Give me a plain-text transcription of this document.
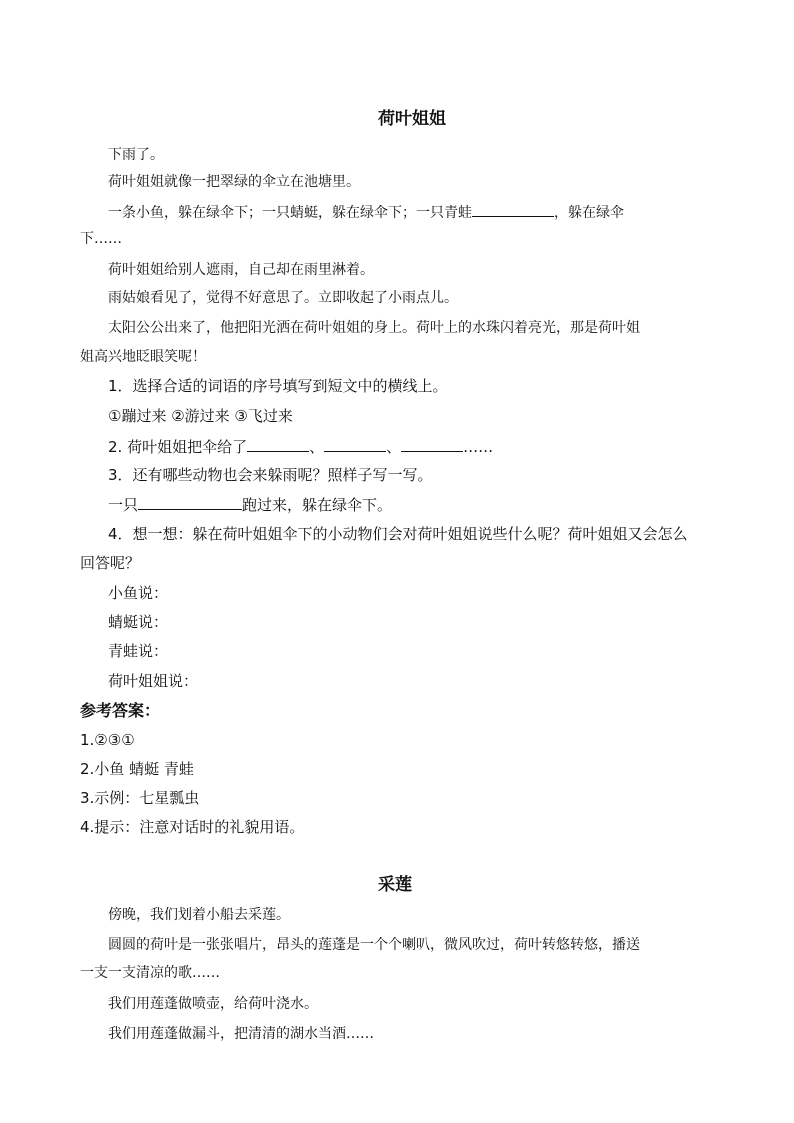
荷叶姐姐
下雨了。
荷叶姐姐就像一把翠绿的伞立在池塘里。
一条小鱼，躲在绿伞下；一只蜻蜓，躲在绿伞下；一只青蛙	，躲在绿伞
下……
荷叶姐姐给别人遮雨，自己却在雨里淋着。
雨姑娘看见了，觉得不好意思了。立即收起了小雨点儿。
太阳公公出来了，他把阳光洒在荷叶姐姐的身上。荷叶上的水珠闪着亮光，那是荷叶姐
姐高兴地眨眼笑呢！
1．选择合适的词语的序号填写到短文中的横线上。
①蹦过来 ②游过来 ③飞过来
2. 荷叶姐姐把伞给了	、	、	……
3．还有哪些动物也会来躲雨呢？照样子写一写。
一只	跑过来，躲在绿伞下。
4．想一想：躲在荷叶姐姐伞下的小动物们会对荷叶姐姐说些什么呢？荷叶姐姐又会怎么
回答呢？
小鱼说：
蜻蜓说：
青蛙说：
荷叶姐姐说：
参考答案：
1.②③①
2.小鱼 蜻蜓 青蛙
3.示例：七星瓢虫
4.提示：注意对话时的礼貌用语。
采莲
傍晚，我们划着小船去采莲。
圆圆的荷叶是一张张唱片，昂头的莲蓬是一个个喇叭，微风吹过，荷叶转悠转悠，播送
一支一支清凉的歌……
我们用莲蓬做喷壶，给荷叶浇水。
我们用莲蓬做漏斗，把清清的湖水当酒……
